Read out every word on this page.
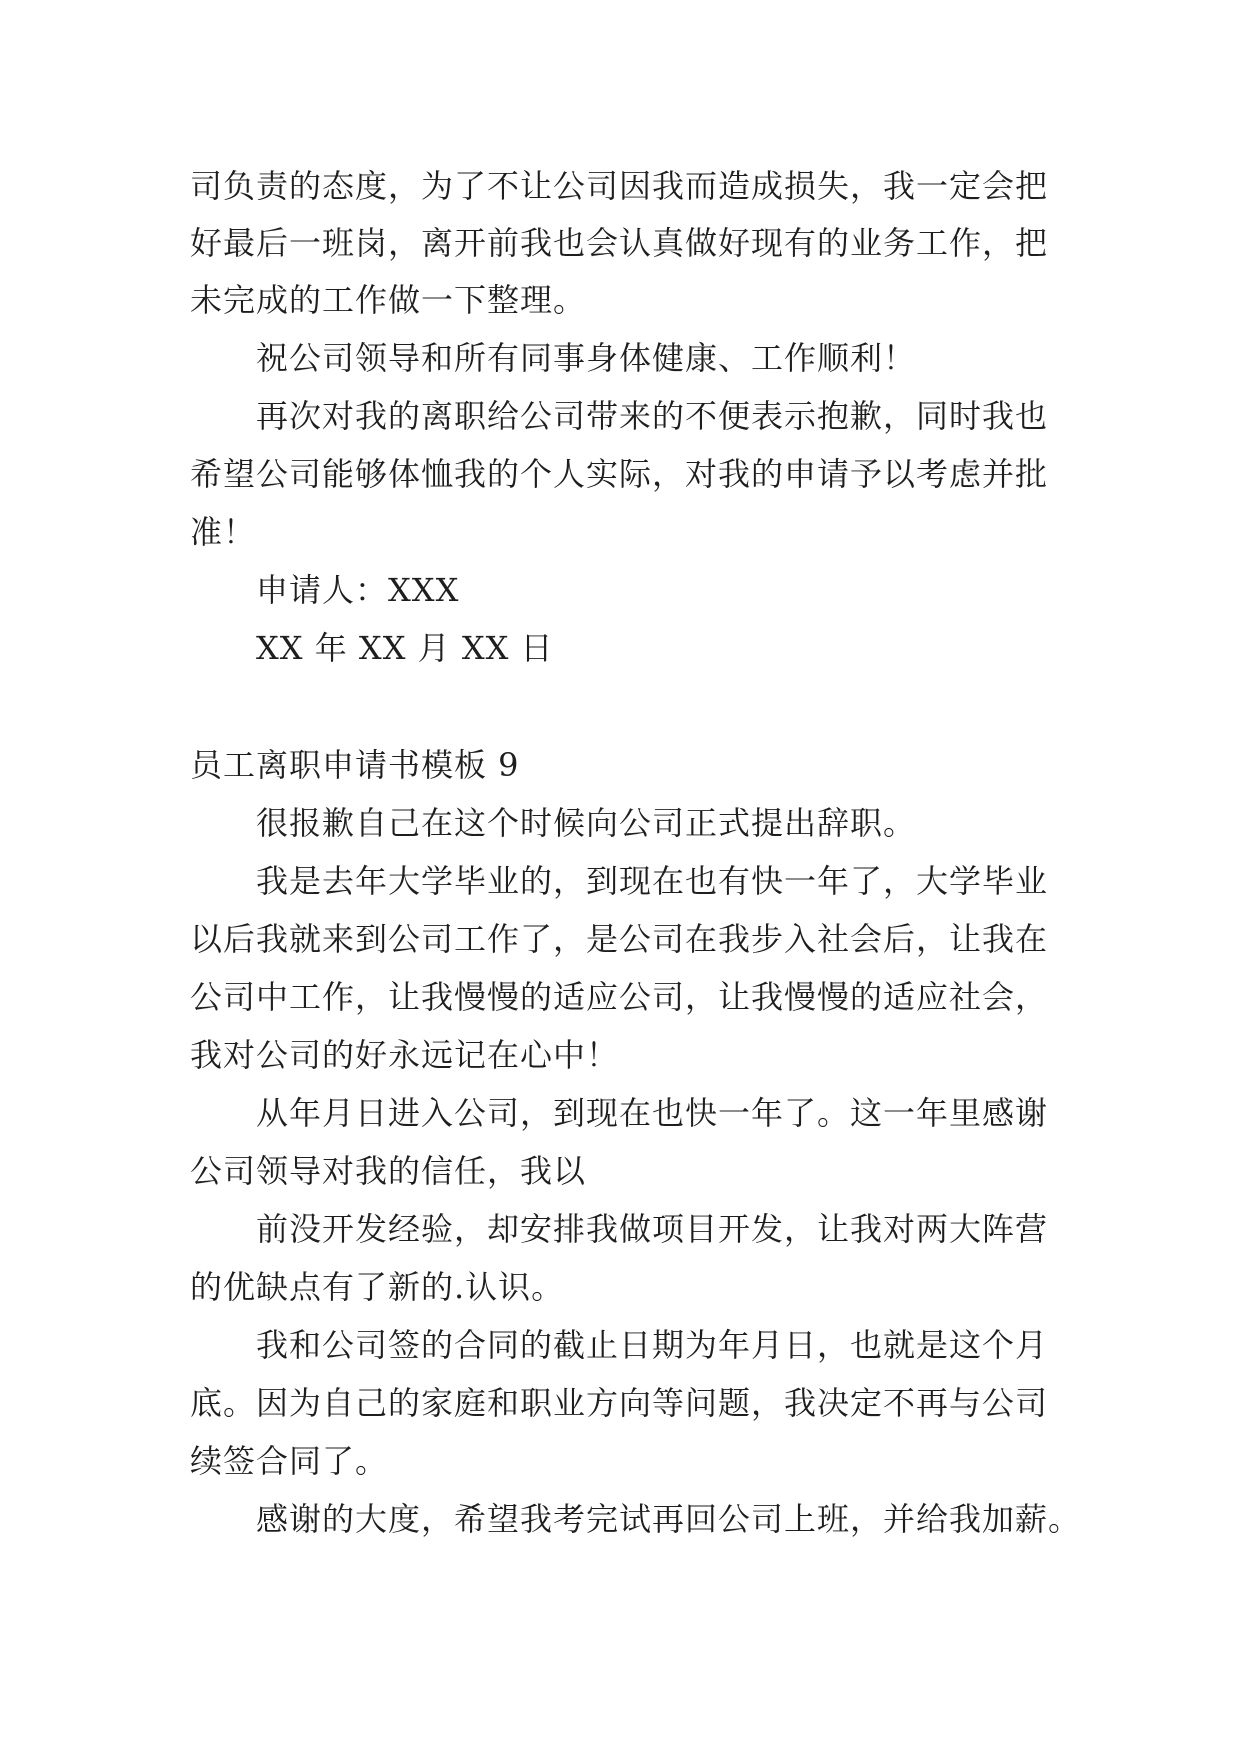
司负责的态度，为了不让公司因我而造成损失，我一定会把
好最后一班岗，离开前我也会认真做好现有的业务工作，把
未完成的工作做一下整理。
祝公司领导和所有同事身体健康、工作顺利！
再次对我的离职给公司带来的不便表示抱歉，同时我也
希望公司能够体恤我的个人实际，对我的申请予以考虑并批
准！
申请人：XXX
XX 年 XX 月 XX 日
员工离职申请书模板 9
很报歉自己在这个时候向公司正式提出辞职。
我是去年大学毕业的，到现在也有快一年了，大学毕业
以后我就来到公司工作了，是公司在我步入社会后，让我在
公司中工作，让我慢慢的适应公司，让我慢慢的适应社会，
我对公司的好永远记在心中！
从年月日进入公司，到现在也快一年了。这一年里感谢
公司领导对我的信任，我以
前没开发经验，却安排我做项目开发，让我对两大阵营
的优缺点有了新的.认识。
我和公司签的合同的截止日期为年月日，也就是这个月
底。因为自己的家庭和职业方向等问题，我决定不再与公司
续签合同了。
感谢的大度，希望我考完试再回公司上班，并给我加薪。
